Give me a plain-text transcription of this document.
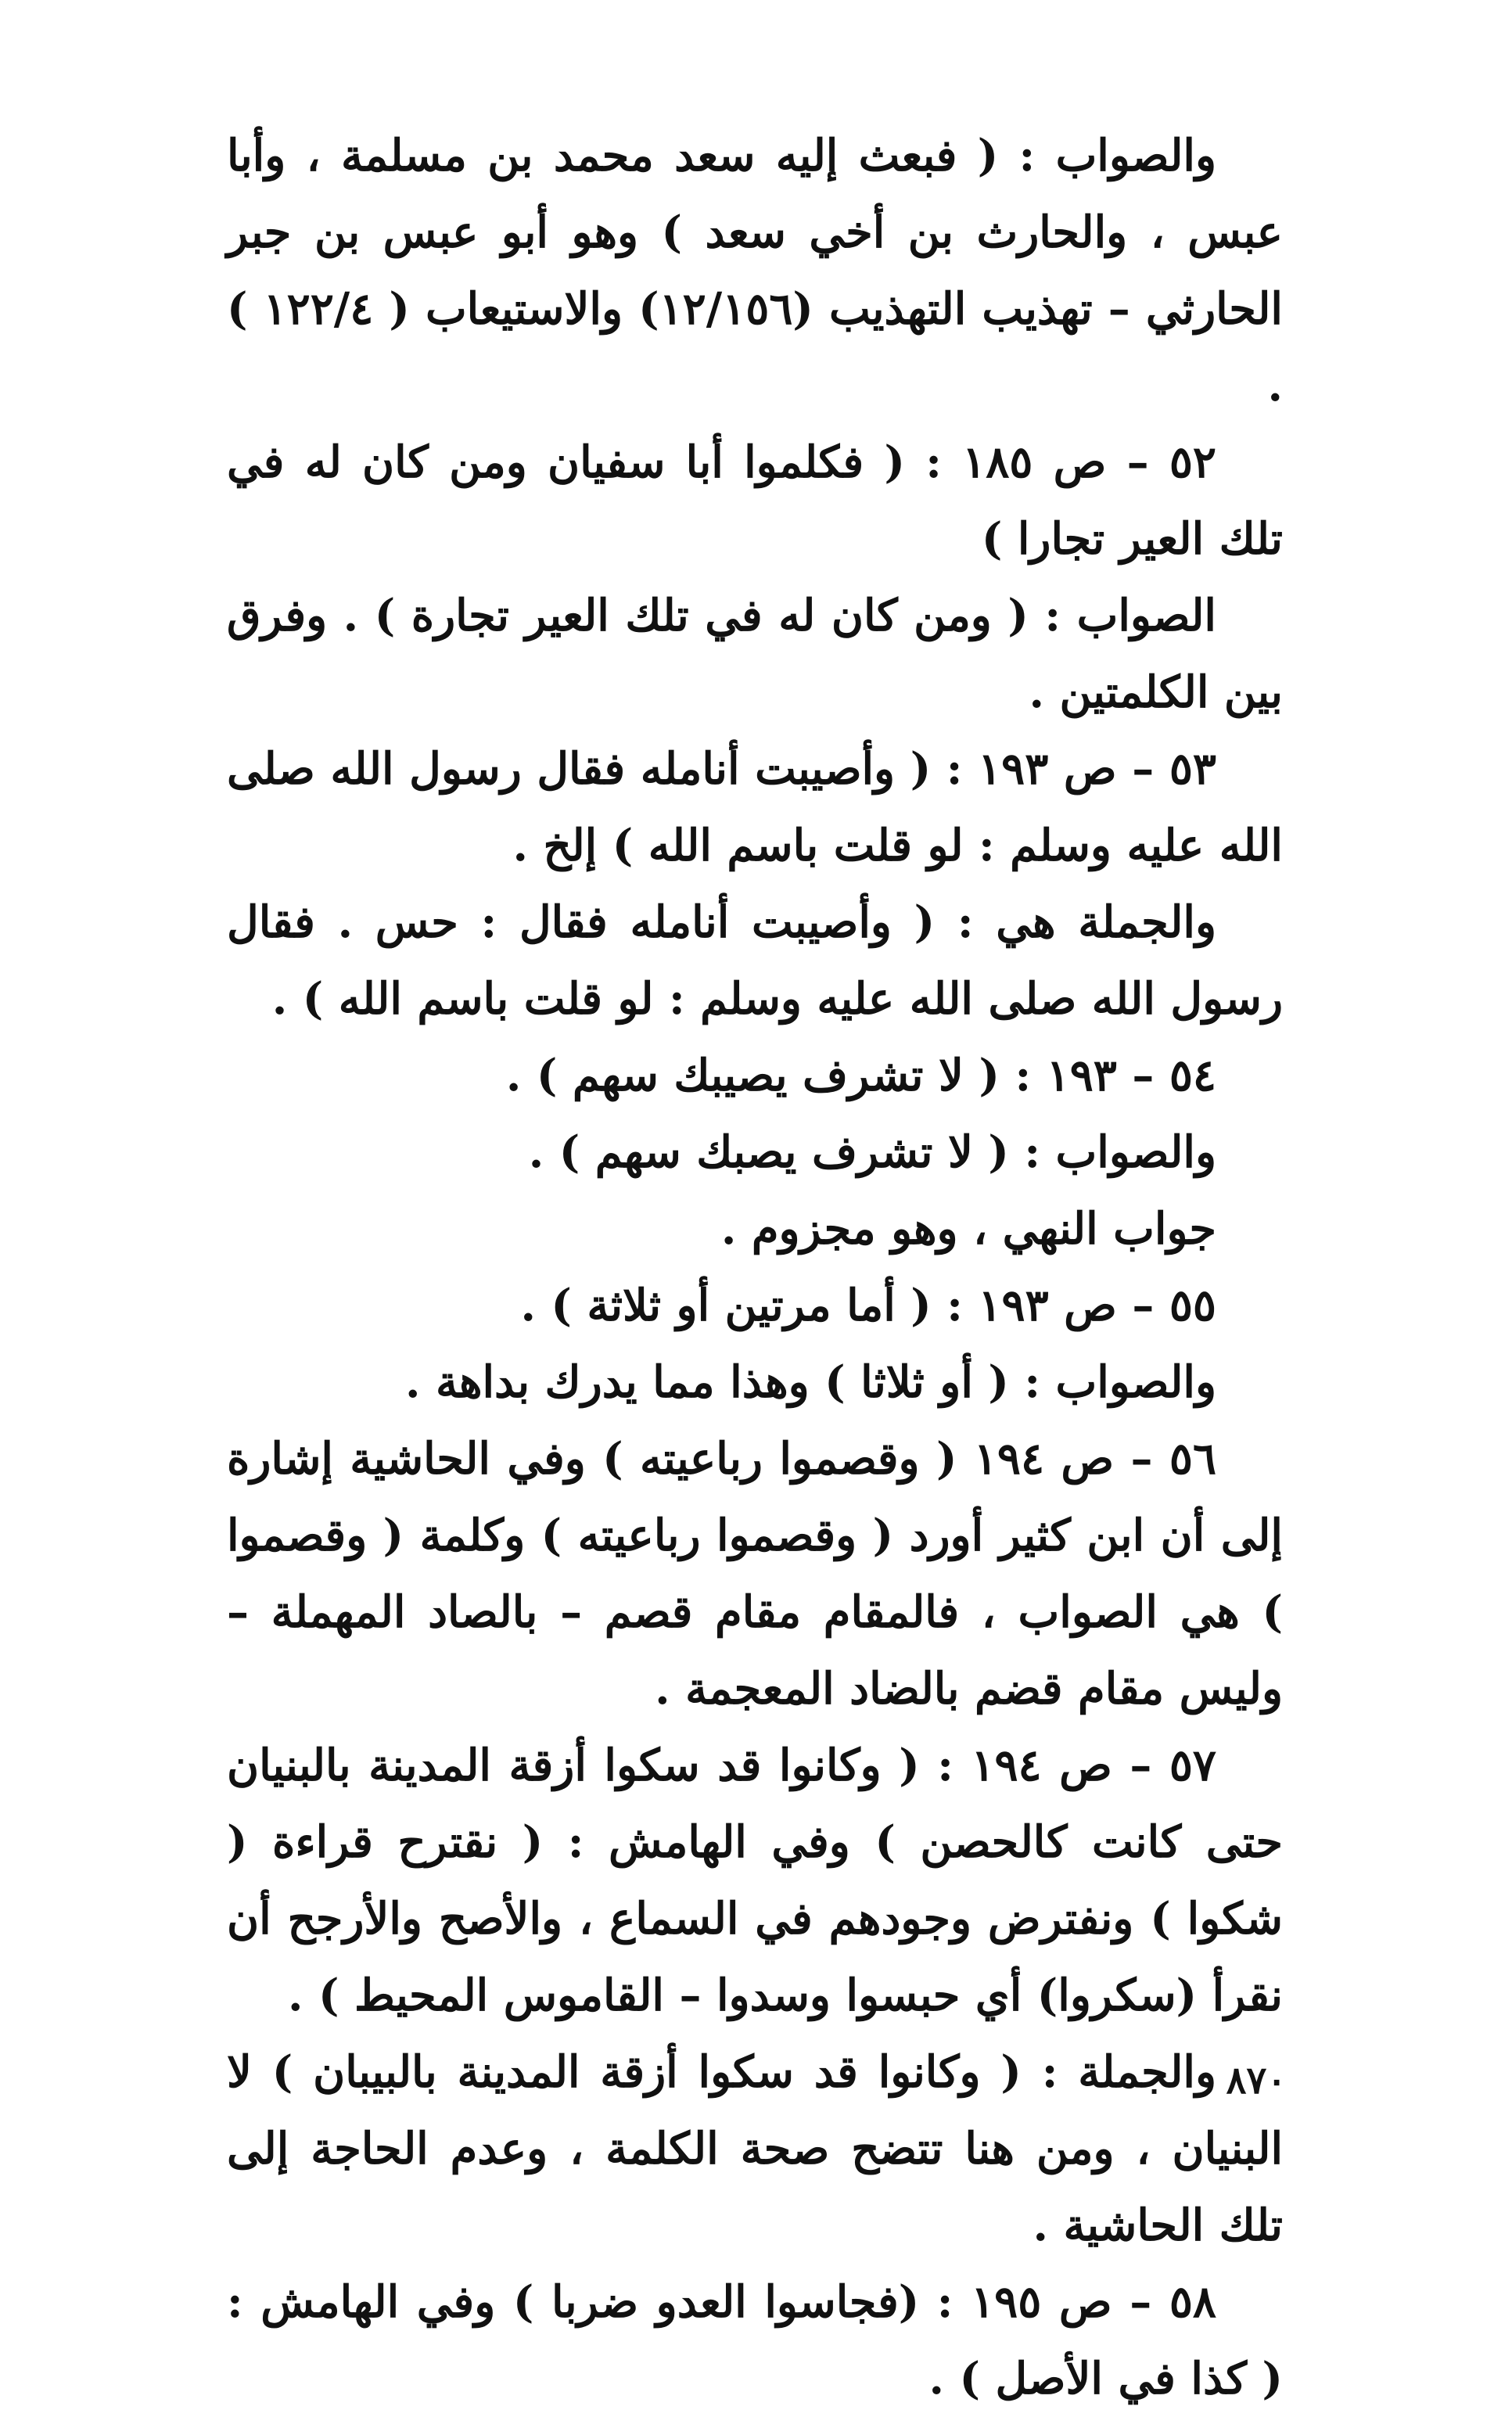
والصواب : ( فبعث إليه سعد محمد بن مسلمة ، وأبا عبس ، والحارث بن أخي سعد ) وهو أبو عبس بن جبر الحارثي – تهذيب التهذيب (١٢/١٥٦) والاستيعاب ( ١٢٢/٤ ) .

٥٢ – ص ١٨٥ : ( فكلموا أبا سفيان ومن كان له في تلك العير تجارا )

الصواب : ( ومن كان له في تلك العير تجارة ) . وفرق بين الكلمتين .

٥٣ – ص ١٩٣ : ( وأصيبت أنامله فقال رسول الله صلى الله عليه وسلم : لو قلت باسم الله ) إلخ .

والجملة هي : ( وأصيبت أنامله فقال : حس . فقال رسول الله صلى الله عليه وسلم : لو قلت باسم الله ) .

٥٤ – ١٩٣ : ( لا تشرف يصيبك سهم ) .

والصواب : ( لا تشرف يصبك سهم ) .

جواب النهي ، وهو مجزوم .

٥٥ – ص ١٩٣ : ( أما مرتين أو ثلاثة ) .

والصواب : ( أو ثلاثا ) وهذا مما يدرك بداهة .

٥٦ – ص ١٩٤ ( وقصموا رباعيته ) وفي الحاشية إشارة إلى أن ابن كثير أورد ( وقصموا رباعيته ) وكلمة ( وقصموا ) هي الصواب ، فالمقام مقام قصم – بالصاد المهملة – وليس مقام قضم بالضاد المعجمة .

٥٧ – ص ١٩٤ : ( وكانوا قد سكوا أزقة المدينة بالبنيان حتى كانت كالحصن ) وفي الهامش : ( نقترح قراءة ( شكوا ) ونفترض وجودهم في السماع ، والأصح والأرجح أن نقرأ (سكروا) أي حبسوا وسدوا – القاموس المحيط ) .

والجملة : ( وكانوا قد سكوا أزقة المدينة بالبيبان ) لا البنيان ، ومن هنا تتضح صحة الكلمة ، وعدم الحاجة إلى تلك الحاشية .

٥٨ – ص ١٩٥ : (فجاسوا العدو ضربا ) وفي الهامش : ( كذا في الأصل ) .

٨٧٠
